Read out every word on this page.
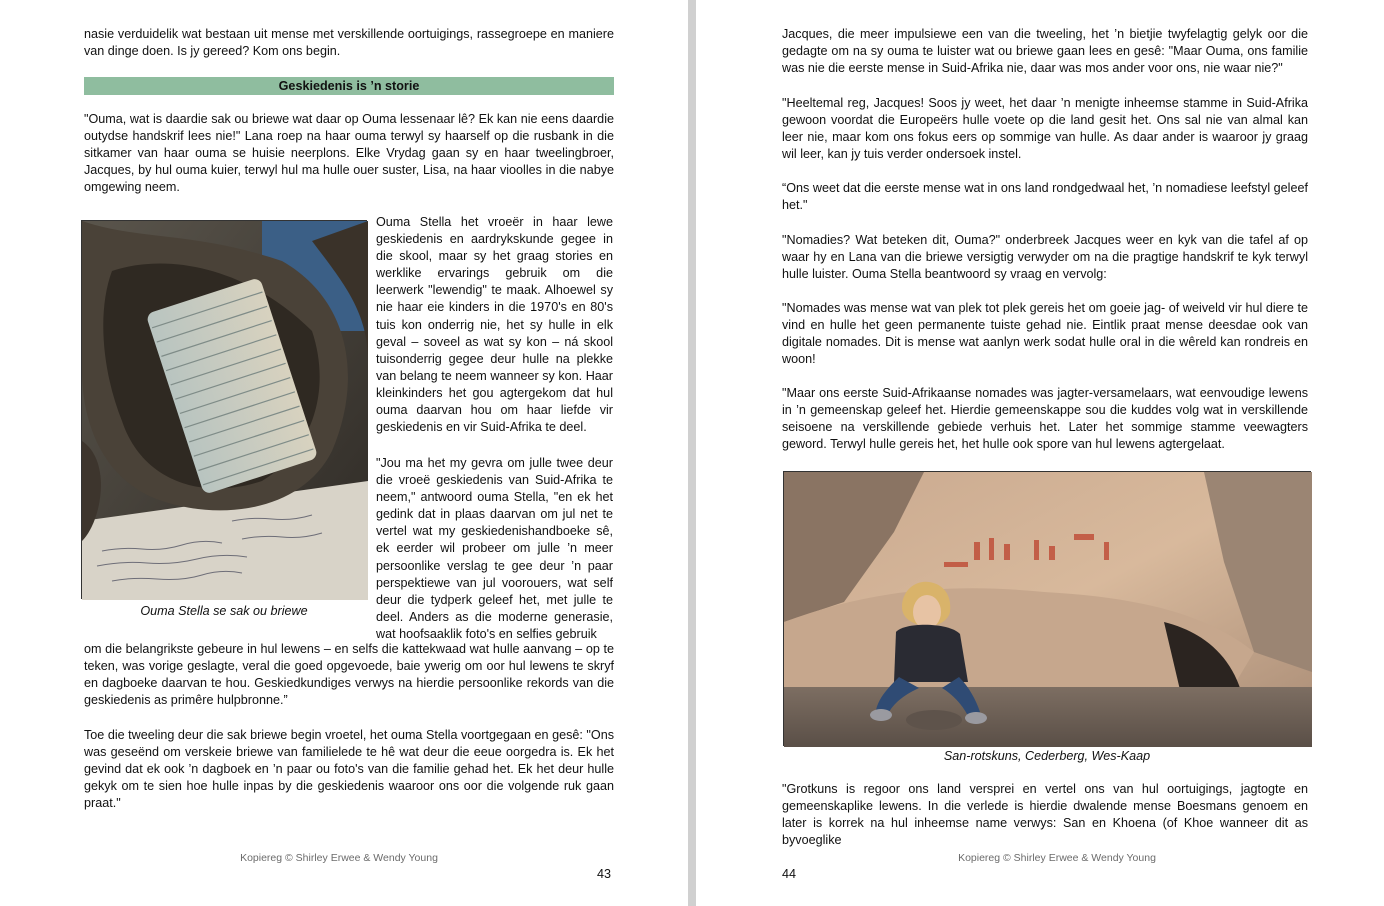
nasie verduidelik wat bestaan uit mense met verskillende oortuigings, rassegroepe en maniere van dinge doen. Is jy gereed? Kom ons begin.

Geskiedenis is ’n storie

"Ouma, wat is daardie sak ou briewe wat daar op Ouma lessenaar lê? Ek kan nie eens daardie outydse handskrif lees nie!" Lana roep na haar ouma terwyl sy haarself op die rusbank in die sitkamer van haar ouma se huisie neerplons. Elke Vrydag gaan sy en haar tweelingbroer, Jacques, by hul ouma kuier, terwyl hul ma hulle ouer suster, Lisa, na haar vioolles in die nabye omgewing neem.

Ouma Stella se sak ou briewe

Ouma Stella het vroeër in haar lewe geskiedenis en aardrykskunde gegee in die skool, maar sy het graag stories en werklike ervarings gebruik om die leerwerk "lewendig" te maak. Alhoewel sy nie haar eie kinders in die 1970's en 80's tuis kon onderrig nie, het sy hulle in elk geval – soveel as wat sy kon – ná skool tuisonderrig gegee deur hulle na plekke van belang te neem wanneer sy kon. Haar kleinkinders het gou agtergekom dat hul ouma daarvan hou om haar liefde vir geskiedenis en vir Suid-Afrika te deel.

"Jou ma het my gevra om julle twee deur die vroeë geskiedenis van Suid-Afrika te neem," antwoord ouma Stella, "en ek het gedink dat in plaas daarvan om jul net te vertel wat my geskiedenishandboeke sê, ek eerder wil probeer om julle ’n meer persoonlike verslag te gee deur ’n paar perspektiewe van jul voorouers, wat self deur die tydperk geleef het, met julle te deel. Anders as die moderne generasie, wat hoofsaaklik foto's en selfies gebruik

om die belangrikste gebeure in hul lewens – en selfs die kattekwaad wat hulle aanvang – op te teken, was vorige geslagte, veral die goed opgevoede, baie ywerig om oor hul lewens te skryf en dagboeke daarvan te hou. Geskiedkundiges verwys na hierdie persoonlike rekords van die geskiedenis as primêre hulpbronne.”

Toe die tweeling deur die sak briewe begin vroetel, het ouma Stella voortgegaan en gesê: "Ons was geseënd om verskeie briewe van familielede te hê wat deur die eeue oorgedra is. Ek het gevind dat ek ook ’n dagboek en ’n paar ou foto's van die familie gehad het. Ek het deur hulle gekyk om te sien hoe hulle inpas by die geskiedenis waaroor ons oor die volgende ruk gaan praat."

Kopiereg © Shirley Erwee & Wendy Young
43

Jacques, die meer impulsiewe een van die tweeling, het ’n bietjie twyfelagtig gelyk oor die gedagte om na sy ouma te luister wat ou briewe gaan lees en gesê: "Maar Ouma, ons familie was nie die eerste mense in Suid-Afrika nie, daar was mos ander voor ons, nie waar nie?"

"Heeltemal reg, Jacques! Soos jy weet, het daar ’n menigte inheemse stamme in Suid-Afrika gewoon voordat die Europeërs hulle voete op die land gesit het. Ons sal nie van almal kan leer nie, maar kom ons fokus eers op sommige van hulle. As daar ander is waaroor jy graag wil leer, kan jy tuis verder ondersoek instel.

“Ons weet dat die eerste mense wat in ons land rondgedwaal het, ’n nomadiese leefstyl geleef het."

"Nomadies? Wat beteken dit, Ouma?" onderbreek Jacques weer en kyk van die tafel af op waar hy en Lana van die briewe versigtig verwyder om na die pragtige handskrif te kyk terwyl hulle luister. Ouma Stella beantwoord sy vraag en vervolg:

"Nomades was mense wat van plek tot plek gereis het om goeie jag- of weiveld vir hul diere te vind en hulle het geen permanente tuiste gehad nie. Eintlik praat mense deesdae ook van digitale nomades. Dit is mense wat aanlyn werk sodat hulle oral in die wêreld kan rondreis en woon!

"Maar ons eerste Suid-Afrikaanse nomades was jagter-versamelaars, wat eenvoudige lewens in ’n gemeenskap geleef het. Hierdie gemeenskappe sou die kuddes volg wat in verskillende seisoene na verskillende gebiede verhuis het. Later het sommige stamme veewagters geword. Terwyl hulle gereis het, het hulle ook spore van hul lewens agtergelaat.

San-rotskuns, Cederberg, Wes-Kaap

"Grotkuns is regoor ons land versprei en vertel ons van hul oortuigings, jagtogte en gemeenskaplike lewens. In die verlede is hierdie dwalende mense Boesmans genoem en later is korrek na hul inheemse name verwys: San en Khoena (of Khoe wanneer dit as byvoeglike

Kopiereg © Shirley Erwee & Wendy Young
44
